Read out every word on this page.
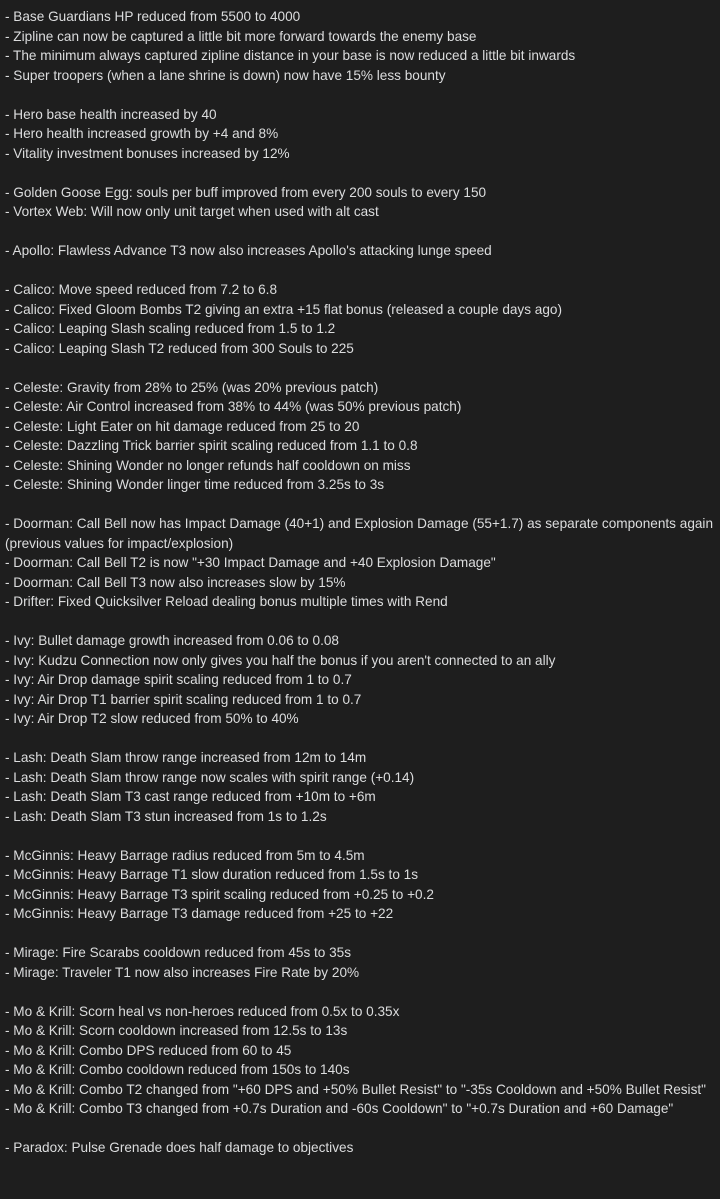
- Base Guardians HP reduced from 5500 to 4000
- Zipline can now be captured a little bit more forward towards the enemy base
- The minimum always captured zipline distance in your base is now reduced a little bit inwards
- Super troopers (when a lane shrine is down) now have 15% less bounty
- Hero base health increased by 40
- Hero health increased growth by +4 and 8%
- Vitality investment bonuses increased by 12%
- Golden Goose Egg: souls per buff improved from every 200 souls to every 150
- Vortex Web: Will now only unit target when used with alt cast
- Apollo: Flawless Advance T3 now also increases Apollo's attacking lunge speed
- Calico: Move speed reduced from 7.2 to 6.8
- Calico: Fixed Gloom Bombs T2 giving an extra +15 flat bonus (released a couple days ago)
- Calico: Leaping Slash scaling reduced from 1.5 to 1.2
- Calico: Leaping Slash T2 reduced from 300 Souls to 225
- Celeste: Gravity from 28% to 25% (was 20% previous patch)
- Celeste: Air Control increased from 38% to 44% (was 50% previous patch)
- Celeste: Light Eater on hit damage reduced from 25 to 20
- Celeste: Dazzling Trick barrier spirit scaling reduced from 1.1 to 0.8
- Celeste: Shining Wonder no longer refunds half cooldown on miss
- Celeste: Shining Wonder linger time reduced from 3.25s to 3s
- Doorman: Call Bell now has Impact Damage (40+1) and Explosion Damage (55+1.7) as separate components again (previous values for impact/explosion)
- Doorman: Call Bell T2 is now "+30 Impact Damage and +40 Explosion Damage"
- Doorman: Call Bell T3 now also increases slow by 15%
- Drifter: Fixed Quicksilver Reload dealing bonus multiple times with Rend
- Ivy: Bullet damage growth increased from 0.06 to 0.08
- Ivy: Kudzu Connection now only gives you half the bonus if you aren't connected to an ally
- Ivy: Air Drop damage spirit scaling reduced from 1 to 0.7
- Ivy: Air Drop T1 barrier spirit scaling reduced from 1 to 0.7
- Ivy: Air Drop T2 slow reduced from 50% to 40%
- Lash: Death Slam throw range increased from 12m to 14m
- Lash: Death Slam throw range now scales with spirit range (+0.14)
- Lash: Death Slam T3 cast range reduced from +10m to +6m
- Lash: Death Slam T3 stun increased from 1s to 1.2s
- McGinnis: Heavy Barrage radius reduced from 5m to 4.5m
- McGinnis: Heavy Barrage T1 slow duration reduced from 1.5s to 1s
- McGinnis: Heavy Barrage T3 spirit scaling reduced from +0.25 to +0.2
- McGinnis: Heavy Barrage T3 damage reduced from +25 to +22
- Mirage: Fire Scarabs cooldown reduced from 45s to 35s
- Mirage: Traveler T1 now also increases Fire Rate by 20%
- Mo & Krill: Scorn heal vs non-heroes reduced from 0.5x to 0.35x
- Mo & Krill: Scorn cooldown increased from 12.5s to 13s
- Mo & Krill: Combo DPS reduced from 60 to 45
- Mo & Krill: Combo cooldown reduced from 150s to 140s
- Mo & Krill: Combo T2 changed from "+60 DPS and +50% Bullet Resist" to "-35s Cooldown and +50% Bullet Resist"
- Mo & Krill: Combo T3 changed from +0.7s Duration and -60s Cooldown" to "+0.7s Duration and +60 Damage"
- Paradox: Pulse Grenade does half damage to objectives
